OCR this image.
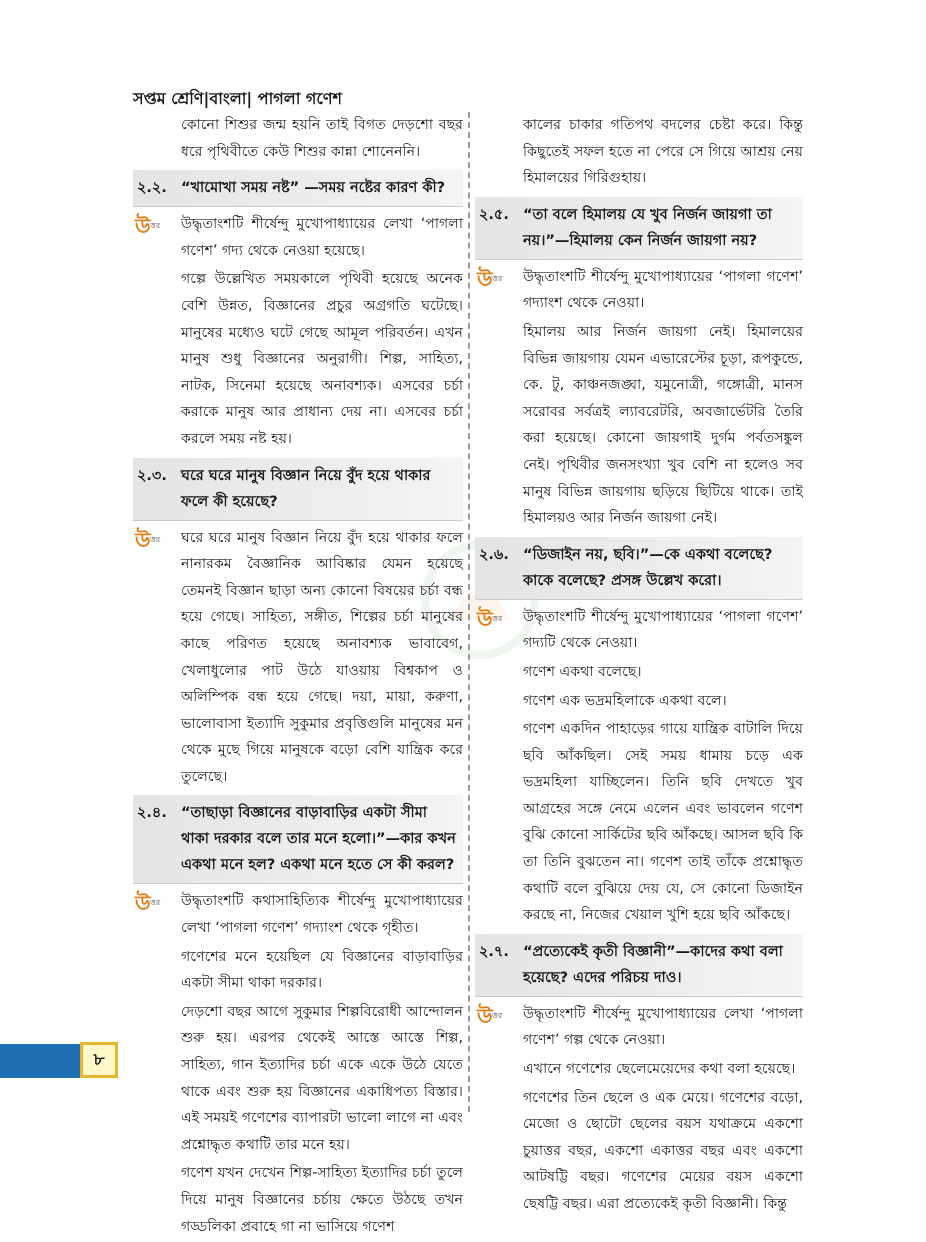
সপ্তম শ্রেণি|বাংলা| পাগলা গণেশ

কোনো শিশুর জন্ম হয়নি তাই বিগত দেড়শো বছর ধরে পৃথিবীতে কেউ শিশুর কান্না শোনেননি।

২.২. “খামোখা সময় নষ্ট” —সময় নষ্টের কারণ কী?
উ ত্তর উদ্ধৃতাংশটি শীর্ষেন্দু মুখোপাধ্যায়ের লেখা ‘পাগলা গণেশ’ গদ্য থেকে নেওয়া হয়েছে।

গল্পে উল্লেখিত সময়কালে পৃথিবী হয়েছে অনেক বেশি উন্নত, বিজ্ঞানের প্রচুর অগ্রগতি ঘটেছে। মানুষের মধ্যেও ঘটে গেছে আমূল পরিবর্তন। এখন মানুষ শুধু বিজ্ঞানের অনুরাগী। শিল্প, সাহিত্য, নাটক, সিনেমা হয়েছে অনাবশ্যক। এসবের চর্চা করাকে মানুষ আর প্রাধান্য দেয় না। এসবের চর্চা করলে সময় নষ্ট হয়।

২.৩. ঘরে ঘরে মানুষ বিজ্ঞান নিয়ে বুঁদ হয়ে থাকার ফলে কী হয়েছে?
উ ত্তর ঘরে ঘরে মানুষ বিজ্ঞান নিয়ে বুঁদ হয়ে থাকার ফলে নানারকম বৈজ্ঞানিক আবিষ্কার যেমন হয়েছে তেমনই বিজ্ঞান ছাড়া অন্য কোনো বিষয়ের চর্চা বন্ধ হয়ে গেছে। সাহিত্য, সঙ্গীত, শিল্পের চর্চা মানুষের কাছে পরিণত হয়েছে অনাবশ্যক ভাবাবেগ, খেলাধুলোর পাট উঠে যাওয়ায় বিশ্বকাপ ও অলিম্পিক বন্ধ হয়ে গেছে। দয়া, মায়া, করুণা, ভালোবাসা ইত্যাদি সুকুমার প্রবৃত্তিগুলি মানুষের মন থেকে মুছে গিয়ে মানুষকে বড়ো বেশি যান্ত্রিক করে তুলেছে।

২.৪. “তাছাড়া বিজ্ঞানের বাড়াবাড়ির একটা সীমা থাকা দরকার বলে তার মনে হলো।”—কার কখন একথা মনে হল? একথা মনে হতে সে কী করল?
উ ত্তর উদ্ধৃতাংশটি কথাসাহিত্যিক শীর্ষেন্দু মুখোপাধ্যায়ের লেখা ‘পাগলা গণেশ’ গদ্যাংশ থেকে গৃহীত।

গণেশের মনে হয়েছিল যে বিজ্ঞানের বাড়াবাড়ির একটা সীমা থাকা দরকার।

দেড়শো বছর আগে সুকুমার শিল্পবিরোধী আন্দোলন শুরু হয়। এরপর থেকেই আস্তে আস্তে শিল্প, সাহিত্য, গান ইত্যাদির চর্চা একে একে উঠে যেতে থাকে এবং শুরু হয় বিজ্ঞানের একাধিপত্য বিস্তার। এই সময়ই গণেশের ব্যাপারটা ভালো লাগে না এবং প্রশ্নোদ্ধৃত কথাটি তার মনে হয়।

গণেশ যখন দেখেন শিল্প-সাহিত্য ইত্যাদির চর্চা তুলে দিয়ে মানুষ বিজ্ঞানের চর্চায় ক্ষেতে উঠছে তখন গড্ডলিকা প্রবাহে গা না ভাসিয়ে গণেশ

কালের চাকার গতিপথ বদলের চেষ্টা করে। কিন্তু কিছুতেই সফল হতে না পেরে সে গিয়ে আশ্রয় নেয় হিমালয়ের গিরিগুহায়।

২.৫. “তা বলে হিমালয় যে খুব নির্জন জায়গা তা নয়।”—হিমালয় কেন নির্জন জায়গা নয়?
উ ত্তর উদ্ধৃতাংশটি শীর্ষেন্দু মুখোপাধ্যায়ের ‘পাগলা গণেশ’ গদ্যাংশ থেকে নেওয়া।

হিমালয় আর নির্জন জায়গা নেই। হিমালয়ের বিভিন্ন জায়গায় যেমন এভারেস্টের চূড়া, রূপকুন্ডে, কে. টু, কাঞ্চনজঙ্ঘা, যমুনোত্রী, গঙ্গোত্রী, মানস সরোবর সর্বত্রই ল্যাবরেটরি, অবজার্ভেটরি তৈরি করা হয়েছে। কোনো জায়গাই দুর্গম পর্বতসঙ্কুল নেই। পৃথিবীর জনসংখ্যা খুব বেশি না হলেও সব মানুষ বিভিন্ন জায়গায় ছড়িয়ে ছিটিয়ে থাকে। তাই হিমালয়ও আর নির্জন জায়গা নেই।

২.৬. “ডিজাইন নয়, ছবি।”—কে একথা বলেছে? কাকে বলেছে? প্রসঙ্গ উল্লেখ করো।
উ ত্তর উদ্ধৃতাংশটি শীর্ষেন্দু মুখোপাধ্যায়ের ‘পাগলা গণেশ’ গদ্যটি থেকে নেওয়া।

গণেশ একথা বলেছে।

গণেশ এক ভদ্রমহিলাকে একথা বলে।

গণেশ একদিন পাহাড়ের গায়ে যান্ত্রিক বাটালি দিয়ে ছবি আঁকছিল। সেই সময় ধামায় চড়ে এক ভদ্রমহিলা যাচ্ছিলেন। তিনি ছবি দেখতে খুব আগ্রহের সঙ্গে নেমে এলেন এবং ভাবলেন গণেশ বুঝি কোনো সার্কিটের ছবি আঁকছে। আসল ছবি কি তা তিনি বুঝতেন না। গণেশ তাই তাঁকে প্রশ্নোদ্ধৃত কথাটি বলে বুঝিয়ে দেয় যে, সে কোনো ডিজাইন করছে না, নিজের খেয়াল খুশি হয়ে ছবি আঁকছে।

২.৭. “প্রত্যেকেই কৃতী বিজ্ঞানী”—কাদের কথা বলা হয়েছে? এদের পরিচয় দাও।
উ ত্তর উদ্ধৃতাংশটি শীর্ষেন্দু মুখোপাধ্যায়ের লেখা ‘পাগলা গণেশ’ গল্প থেকে নেওয়া।

এখানে গণেশের ছেলেমেয়েদের কথা বলা হয়েছে।

গণেশের তিন ছেলে ও এক মেয়ে। গণেশের বড়ো, মেজো ও ছোটো ছেলের বয়স যথাক্রমে একশো চুয়াত্তর বছর, একশো একাত্তর বছর এবং একশো আটষট্টি বছর। গণেশের মেয়ের বয়স একশো ছেষট্টি বছর। এরা প্রত্যেকেই কৃতী বিজ্ঞানী। কিন্তু

৮
